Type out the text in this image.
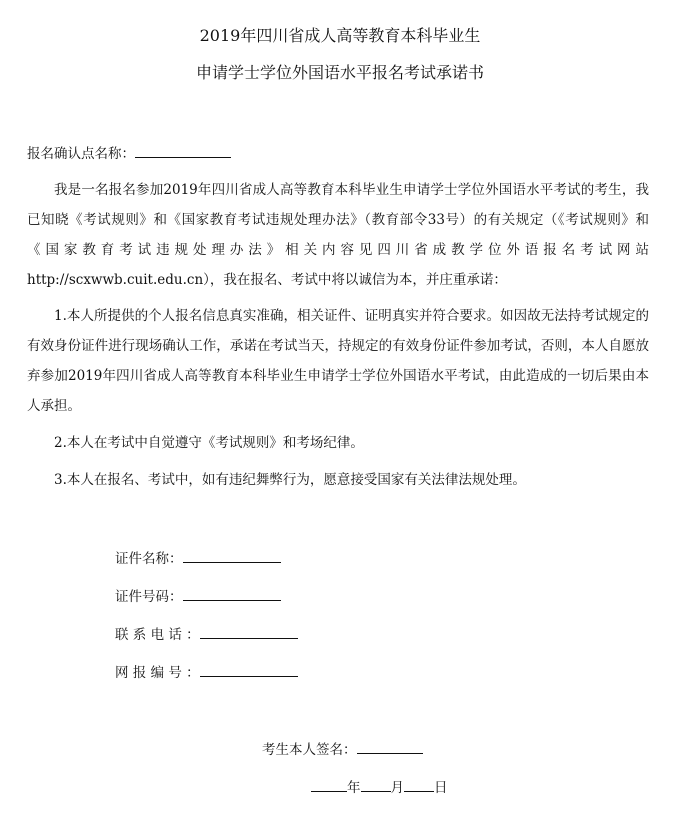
2019年四川省成人高等教育本科毕业生
申请学士学位外国语水平报名考试承诺书
报名确认点名称：

我是一名报名参加2019年四川省成人高等教育本科毕业生申请学士学位外国语水平考试的考生，我已知晓《考试规则》和《国家教育考试违规处理办法》（教育部令33号）的有关规定（《考试规则》和《国家教育考试违规处理办法》相关内容见四川省成教学位外语报名考试网站http://scxwwb.cuit.edu.cn），我在报名、考试中将以诚信为本，并庄重承诺：

1.本人所提供的个人报名信息真实准确，相关证件、证明真实并符合要求。如因故无法持考试规定的有效身份证件进行现场确认工作，承诺在考试当天，持规定的有效身份证件参加考试，否则，本人自愿放弃参加2019年四川省成人高等教育本科毕业生申请学士学位外国语水平考试，由此造成的一切后果由本人承担。

2.本人在考试中自觉遵守《考试规则》和考场纪律。

3.本人在报名、考试中，如有违纪舞弊行为，愿意接受国家有关法律法规处理。

证件名称：
证件号码：
联 系 电 话 ：
网 报 编 号 ：
考生本人签名：
年 月 日
